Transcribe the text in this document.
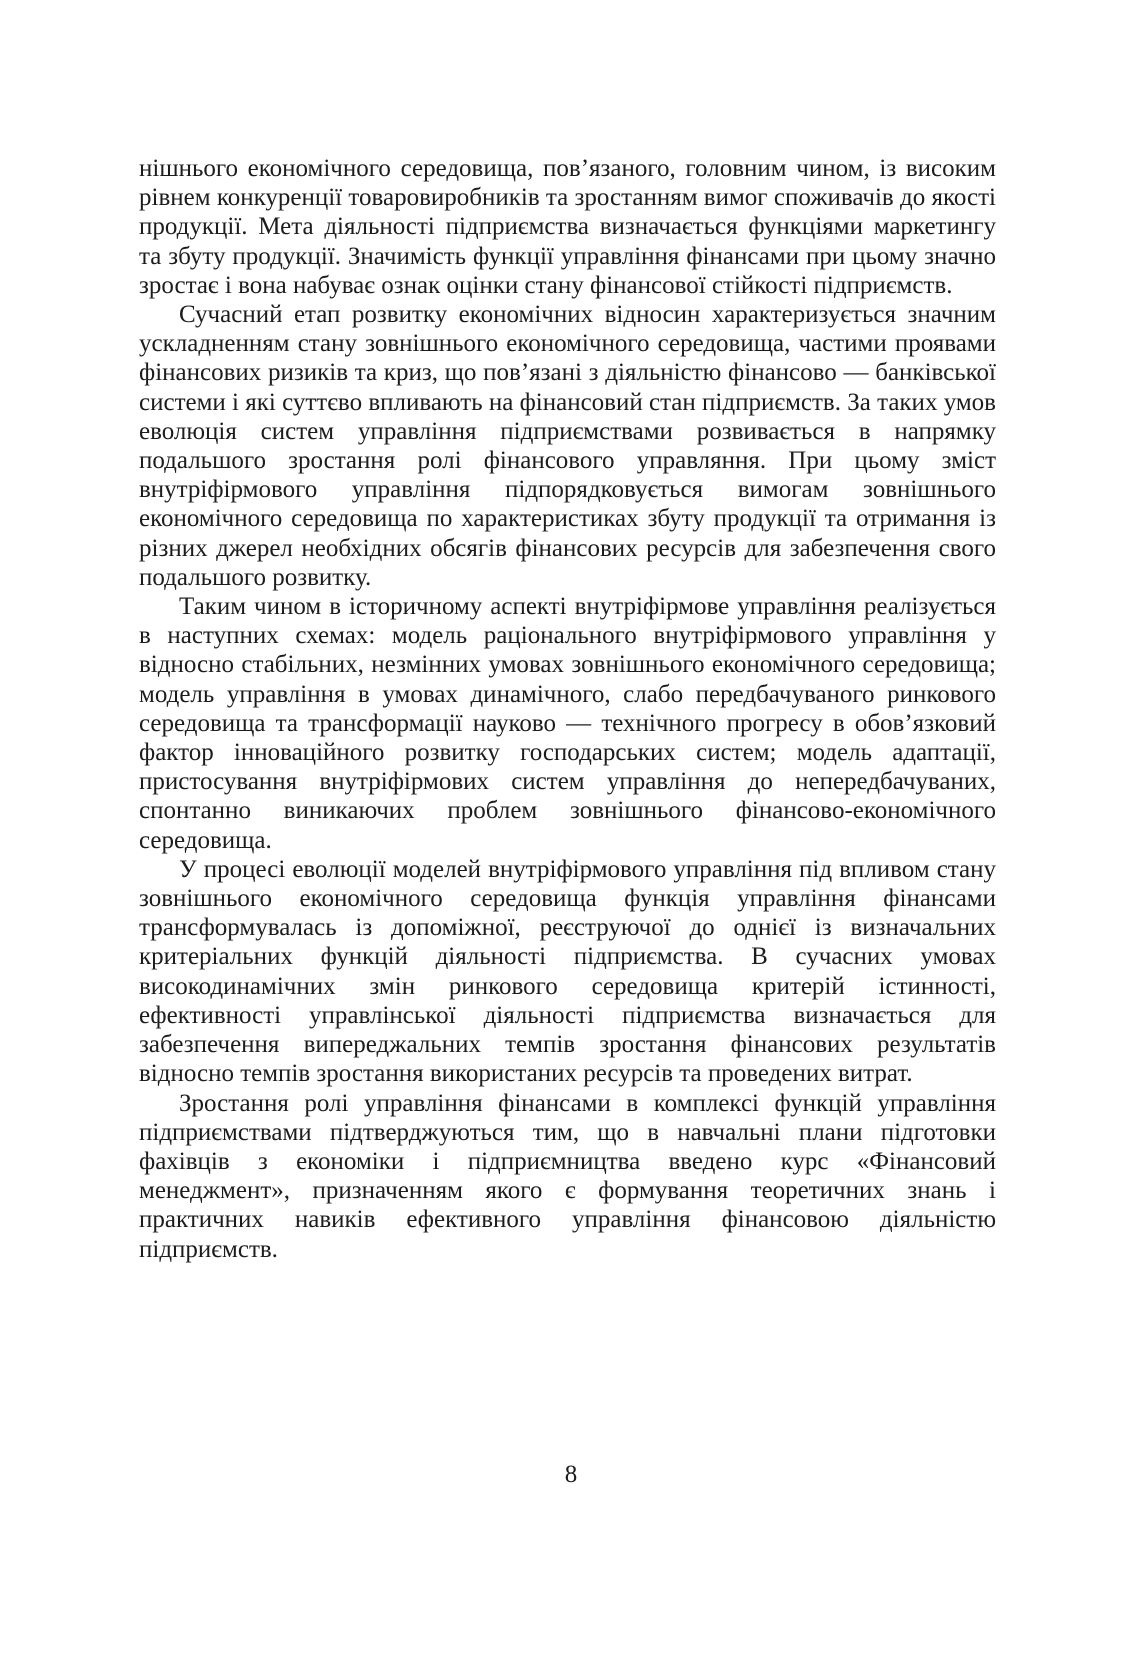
нішнього економічного середовища, пов’язаного, головним чином, із високим рівнем конкуренції товаровиробників та зростанням вимог споживачів до якості продукції. Мета діяльності підприємства визначається функціями маркетингу та збуту продукції. Значимість функції управління фінансами при цьому значно зростає і вона набуває ознак оцінки стану фінансової стійкості підприємств.

Сучасний етап розвитку економічних відносин характеризується значним ускладненням стану зовнішнього економічного середовища, частими проявами фінансових ризиків та криз, що пов’язані з діяльністю фінансово — банківської системи і які суттєво впливають на фінансовий стан підприємств. За таких умов еволюція систем управління підприємствами розвивається в напрямку подальшого зростання ролі фінансового управляння. При цьому зміст внутріфірмового управління підпорядковується вимогам зовнішнього економічного середовища по характеристиках збуту продукції та отримання із різних джерел необхідних обсягів фінансових ресурсів для забезпечення свого подальшого розвитку.

Таким чином в історичному аспекті внутріфірмове управління реалізується в наступних схемах: модель раціонального внутріфірмового управління у відносно стабільних, незмінних умовах зовнішнього економічного середовища; модель управління в умовах динамічного, слабо передбачуваного ринкового середовища та трансформації науково — технічного прогресу в обов’язковий фактор інноваційного розвитку господарських систем; модель адаптації, пристосування внутріфірмових систем управління до непередбачуваних, спонтанно виникаючих проблем зовнішнього фінансово-економічного середовища.

У процесі еволюції моделей внутріфірмового управління під впливом стану зовнішнього економічного середовища функція управління фінансами трансформувалась із допоміжної, реєструючої до однієї із визначальних критеріальних функцій діяльності підприємства. В сучасних умовах високодинамічних змін ринкового середовища критерій істинності, ефективності управлінської діяльності підприємства визначається для забезпечення випереджальних темпів зростання фінансових результатів відносно темпів зростання використаних ресурсів та проведених витрат.

Зростання ролі управління фінансами в комплексі функцій управління підприємствами підтверджуються тим, що в навчальні плани підготовки фахівців з економіки і підприємництва введено курс «Фінансовий менеджмент», призначенням якого є формування теоретичних знань і практичних навиків ефективного управління фінансовою діяльністю підприємств.

8
